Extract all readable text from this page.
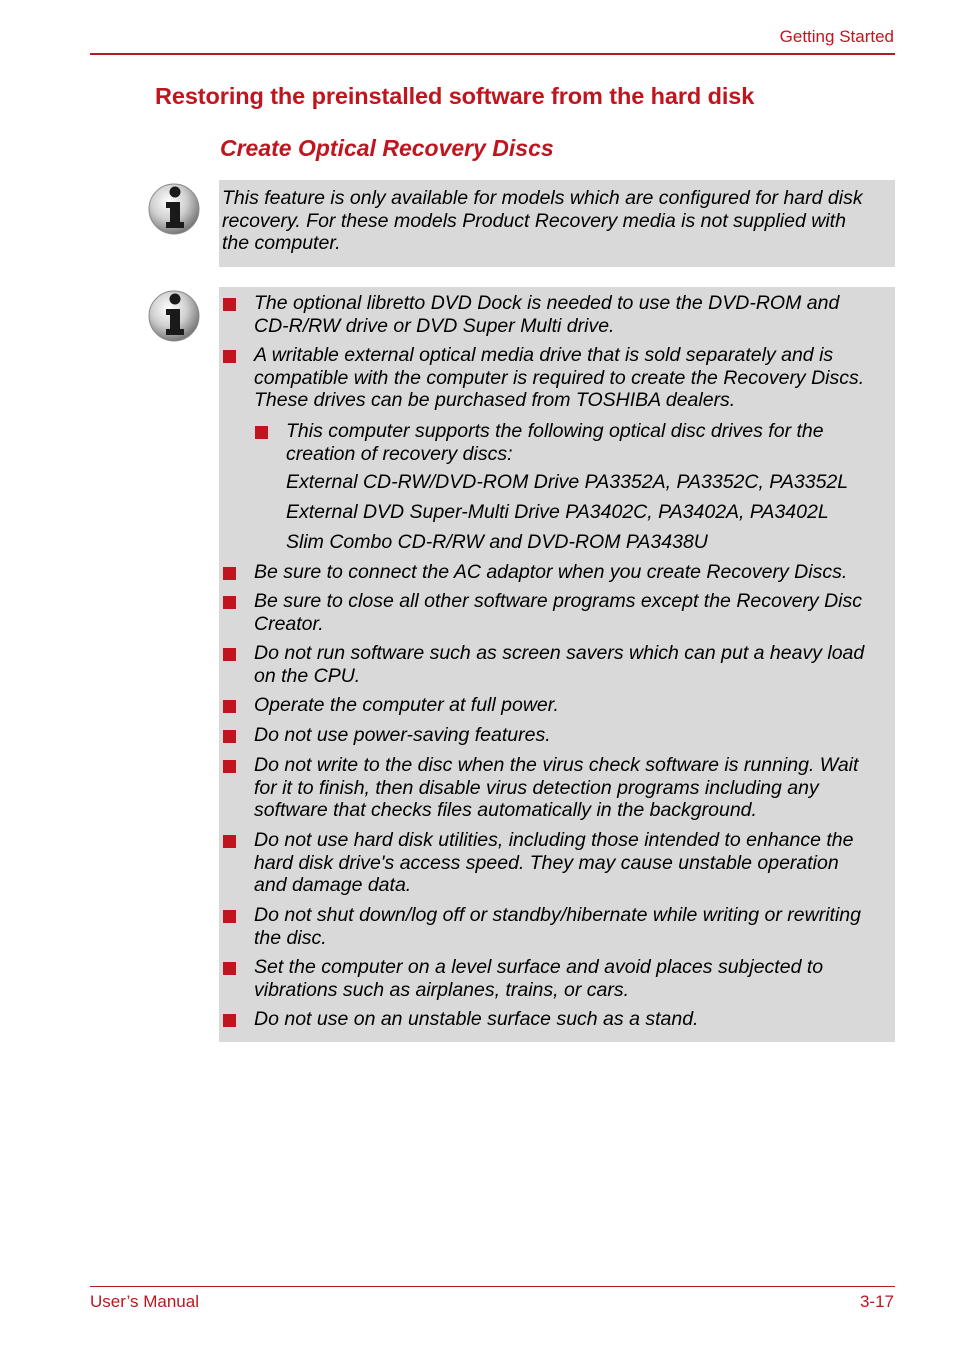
Getting Started
Restoring the preinstalled software from the hard disk
Create Optical Recovery Discs
This feature is only available for models which are configured for hard disk
recovery. For these models Product Recovery media is not supplied with
the computer.
The optional libretto DVD Dock is needed to use the DVD-ROM and
CD-R/RW drive or DVD Super Multi drive.
A writable external optical media drive that is sold separately and is
compatible with the computer is required to create the Recovery Discs.
These drives can be purchased from TOSHIBA dealers.
This computer supports the following optical disc drives for the
creation of recovery discs:
External CD-RW/DVD-ROM Drive PA3352A, PA3352C, PA3352L
External DVD Super-Multi Drive PA3402C, PA3402A, PA3402L
Slim Combo CD-R/RW and DVD-ROM PA3438U
Be sure to connect the AC adaptor when you create Recovery Discs.
Be sure to close all other software programs except the Recovery Disc
Creator.
Do not run software such as screen savers which can put a heavy load
on the CPU.
Operate the computer at full power.
Do not use power-saving features.
Do not write to the disc when the virus check software is running. Wait
for it to finish, then disable virus detection programs including any
software that checks files automatically in the background.
Do not use hard disk utilities, including those intended to enhance the
hard disk drive's access speed. They may cause unstable operation
and damage data.
Do not shut down/log off or standby/hibernate while writing or rewriting
the disc.
Set the computer on a level surface and avoid places subjected to
vibrations such as airplanes, trains, or cars.
Do not use on an unstable surface such as a stand.
User’s Manual	3-17
